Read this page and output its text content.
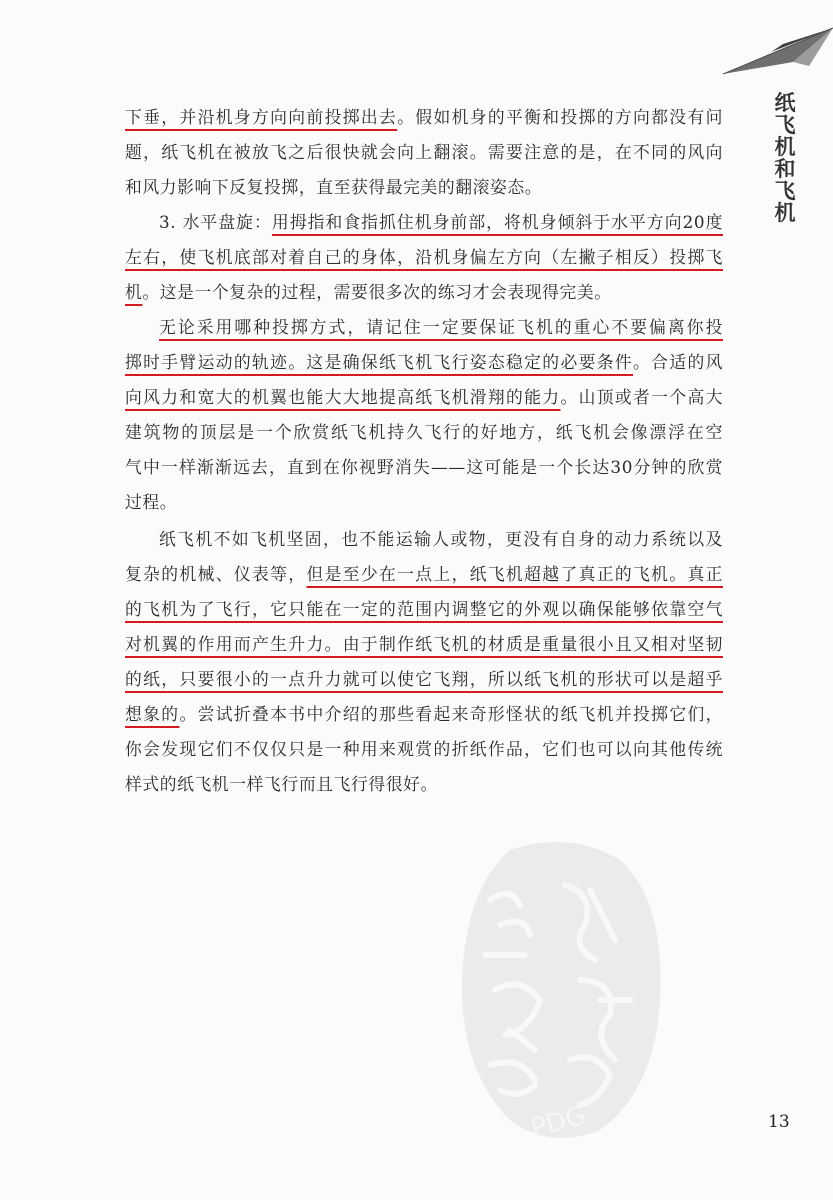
纸
飞
机
和
飞
机
下垂，并沿机身方向向前投掷出去。假如机身的平衡和投掷的方向都没有问
题，纸飞机在被放飞之后很快就会向上翻滚。需要注意的是，在不同的风向
和风力影响下反复投掷，直至获得最完美的翻滚姿态。
3. 水平盘旋：用拇指和食指抓住机身前部，将机身倾斜于水平方向20度
左右，使飞机底部对着自己的身体，沿机身偏左方向（左撇子相反）投掷飞
机。这是一个复杂的过程，需要很多次的练习才会表现得完美。
无论采用哪种投掷方式，请记住一定要保证飞机的重心不要偏离你投
掷时手臂运动的轨迹。这是确保纸飞机飞行姿态稳定的必要条件。合适的风
向风力和宽大的机翼也能大大地提高纸飞机滑翔的能力。山顶或者一个高大
建筑物的顶层是一个欣赏纸飞机持久飞行的好地方，纸飞机会像漂浮在空
气中一样渐渐远去，直到在你视野消失——这可能是一个长达30分钟的欣赏
过程。
纸飞机不如飞机坚固，也不能运输人或物，更没有自身的动力系统以及
复杂的机械、仪表等，但是至少在一点上，纸飞机超越了真正的飞机。真正
的飞机为了飞行，它只能在一定的范围内调整它的外观以确保能够依靠空气
对机翼的作用而产生升力。由于制作纸飞机的材质是重量很小且又相对坚韧
的纸，只要很小的一点升力就可以使它飞翔，所以纸飞机的形状可以是超乎
想象的。尝试折叠本书中介绍的那些看起来奇形怪状的纸飞机并投掷它们，
你会发现它们不仅仅只是一种用来观赏的折纸作品，它们也可以向其他传统
样式的纸飞机一样飞行而且飞行得很好。
PDG	13
